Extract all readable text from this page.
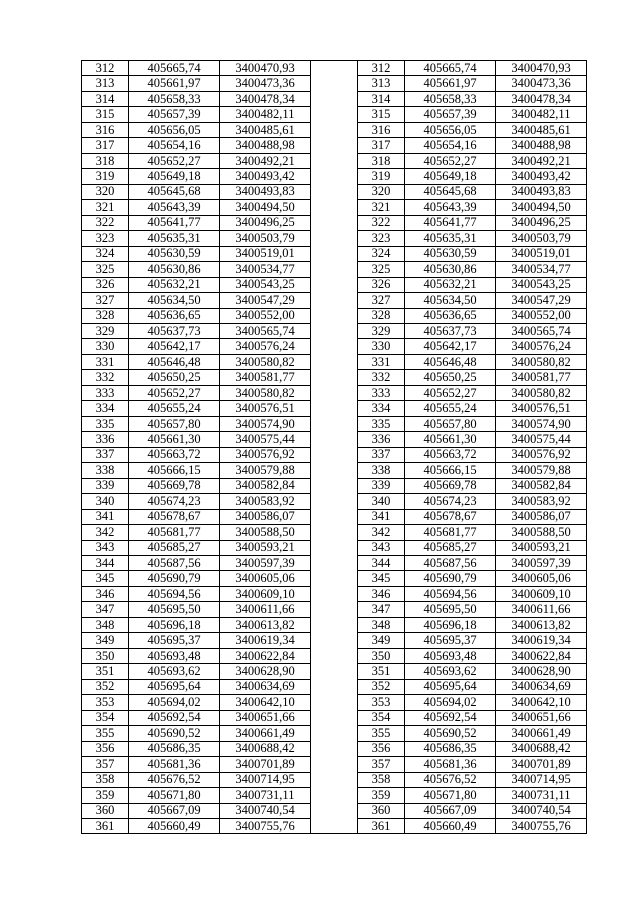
312	405665,74	3400470,93		312	405665,74	3400470,93
313	405661,97	3400473,36		313	405661,97	3400473,36
314	405658,33	3400478,34		314	405658,33	3400478,34
315	405657,39	3400482,11		315	405657,39	3400482,11
316	405656,05	3400485,61		316	405656,05	3400485,61
317	405654,16	3400488,98		317	405654,16	3400488,98
318	405652,27	3400492,21		318	405652,27	3400492,21
319	405649,18	3400493,42		319	405649,18	3400493,42
320	405645,68	3400493,83		320	405645,68	3400493,83
321	405643,39	3400494,50		321	405643,39	3400494,50
322	405641,77	3400496,25		322	405641,77	3400496,25
323	405635,31	3400503,79		323	405635,31	3400503,79
324	405630,59	3400519,01		324	405630,59	3400519,01
325	405630,86	3400534,77		325	405630,86	3400534,77
326	405632,21	3400543,25		326	405632,21	3400543,25
327	405634,50	3400547,29		327	405634,50	3400547,29
328	405636,65	3400552,00		328	405636,65	3400552,00
329	405637,73	3400565,74		329	405637,73	3400565,74
330	405642,17	3400576,24		330	405642,17	3400576,24
331	405646,48	3400580,82		331	405646,48	3400580,82
332	405650,25	3400581,77		332	405650,25	3400581,77
333	405652,27	3400580,82		333	405652,27	3400580,82
334	405655,24	3400576,51		334	405655,24	3400576,51
335	405657,80	3400574,90		335	405657,80	3400574,90
336	405661,30	3400575,44		336	405661,30	3400575,44
337	405663,72	3400576,92		337	405663,72	3400576,92
338	405666,15	3400579,88		338	405666,15	3400579,88
339	405669,78	3400582,84		339	405669,78	3400582,84
340	405674,23	3400583,92		340	405674,23	3400583,92
341	405678,67	3400586,07		341	405678,67	3400586,07
342	405681,77	3400588,50		342	405681,77	3400588,50
343	405685,27	3400593,21		343	405685,27	3400593,21
344	405687,56	3400597,39		344	405687,56	3400597,39
345	405690,79	3400605,06		345	405690,79	3400605,06
346	405694,56	3400609,10		346	405694,56	3400609,10
347	405695,50	3400611,66		347	405695,50	3400611,66
348	405696,18	3400613,82		348	405696,18	3400613,82
349	405695,37	3400619,34		349	405695,37	3400619,34
350	405693,48	3400622,84		350	405693,48	3400622,84
351	405693,62	3400628,90		351	405693,62	3400628,90
352	405695,64	3400634,69		352	405695,64	3400634,69
353	405694,02	3400642,10		353	405694,02	3400642,10
354	405692,54	3400651,66		354	405692,54	3400651,66
355	405690,52	3400661,49		355	405690,52	3400661,49
356	405686,35	3400688,42		356	405686,35	3400688,42
357	405681,36	3400701,89		357	405681,36	3400701,89
358	405676,52	3400714,95		358	405676,52	3400714,95
359	405671,80	3400731,11		359	405671,80	3400731,11
360	405667,09	3400740,54		360	405667,09	3400740,54
361	405660,49	3400755,76		361	405660,49	3400755,76
